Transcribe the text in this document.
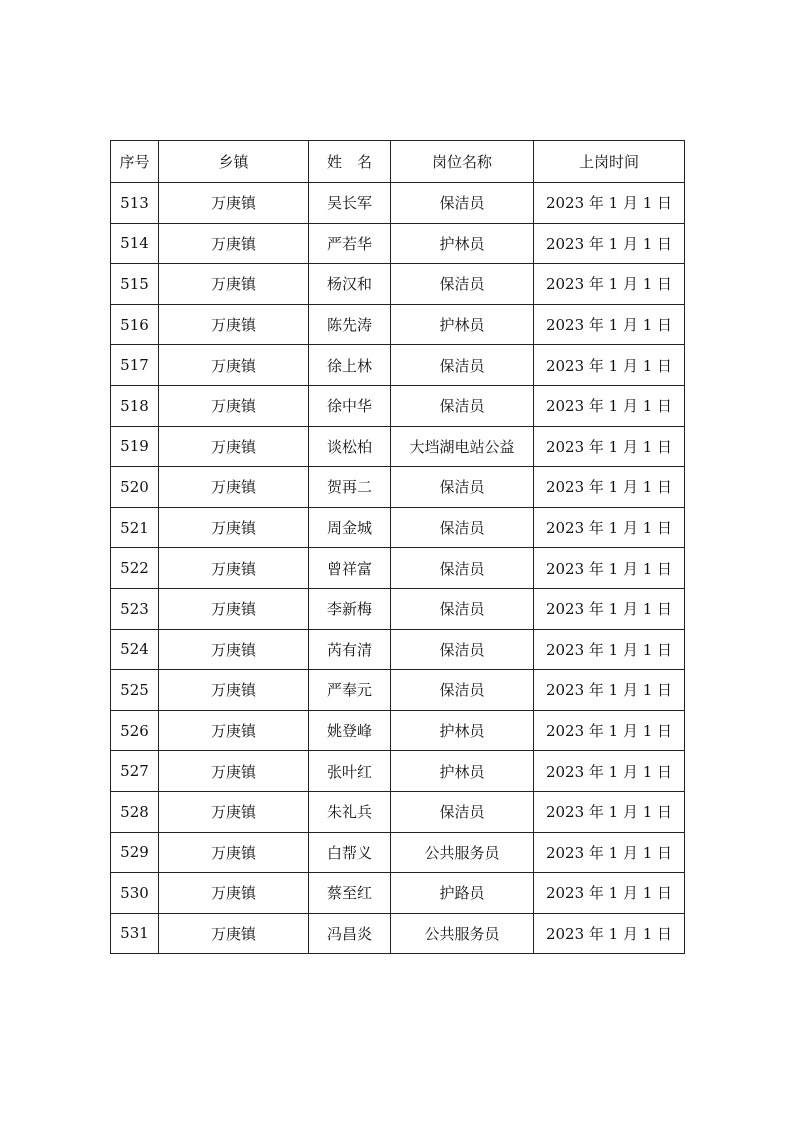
序号	乡镇	姓　名	岗位名称	上岗时间
513	万庚镇	吴长军	保洁员	2023 年 1 月 1 日
514	万庚镇	严若华	护林员	2023 年 1 月 1 日
515	万庚镇	杨汉和	保洁员	2023 年 1 月 1 日
516	万庚镇	陈先涛	护林员	2023 年 1 月 1 日
517	万庚镇	徐上林	保洁员	2023 年 1 月 1 日
518	万庚镇	徐中华	保洁员	2023 年 1 月 1 日
519	万庚镇	谈松柏	大垱湖电站公益	2023 年 1 月 1 日
520	万庚镇	贺再二	保洁员	2023 年 1 月 1 日
521	万庚镇	周金城	保洁员	2023 年 1 月 1 日
522	万庚镇	曾祥富	保洁员	2023 年 1 月 1 日
523	万庚镇	李新梅	保洁员	2023 年 1 月 1 日
524	万庚镇	芮有清	保洁员	2023 年 1 月 1 日
525	万庚镇	严奉元	保洁员	2023 年 1 月 1 日
526	万庚镇	姚登峰	护林员	2023 年 1 月 1 日
527	万庚镇	张叶红	护林员	2023 年 1 月 1 日
528	万庚镇	朱礼兵	保洁员	2023 年 1 月 1 日
529	万庚镇	白帮义	公共服务员	2023 年 1 月 1 日
530	万庚镇	蔡至红	护路员	2023 年 1 月 1 日
531	万庚镇	冯昌炎	公共服务员	2023 年 1 月 1 日
